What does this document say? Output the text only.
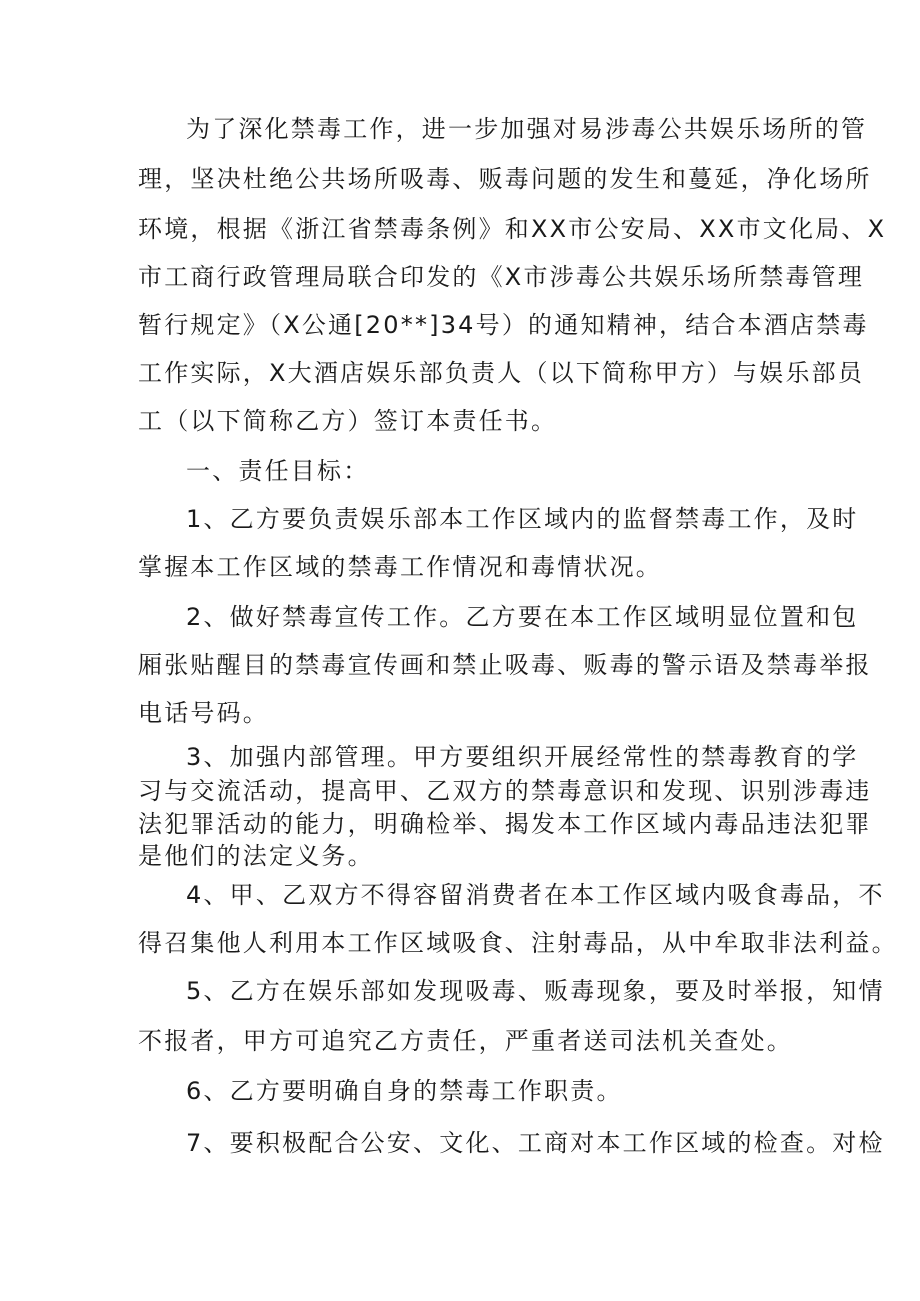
为了深化禁毒工作，进一步加强对易涉毒公共娱乐场所的管
理，坚决杜绝公共场所吸毒、贩毒问题的发生和蔓延，净化场所
环境，根据《浙江省禁毒条例》和XX市公安局、XX市文化局、X
市工商行政管理局联合印发的《X市涉毒公共娱乐场所禁毒管理
暂行规定》（X公通[20**]34号）的通知精神，结合本酒店禁毒
工作实际，X大酒店娱乐部负责人（以下简称甲方）与娱乐部员
工（以下简称乙方）签订本责任书。
一、责任目标：
1、乙方要负责娱乐部本工作区域内的监督禁毒工作，及时
掌握本工作区域的禁毒工作情况和毒情状况。
2、做好禁毒宣传工作。乙方要在本工作区域明显位置和包
厢张贴醒目的禁毒宣传画和禁止吸毒、贩毒的警示语及禁毒举报
电话号码。
3、加强内部管理。甲方要组织开展经常性的禁毒教育的学
习与交流活动，提高甲、乙双方的禁毒意识和发现、识别涉毒违
法犯罪活动的能力，明确检举、揭发本工作区域内毒品违法犯罪
是他们的法定义务。
4、甲、乙双方不得容留消费者在本工作区域内吸食毒品，不
得召集他人利用本工作区域吸食、注射毒品，从中牟取非法利益。
5、乙方在娱乐部如发现吸毒、贩毒现象，要及时举报，知情
不报者，甲方可追究乙方责任，严重者送司法机关查处。
6、乙方要明确自身的禁毒工作职责。
7、要积极配合公安、文化、工商对本工作区域的检查。对检
